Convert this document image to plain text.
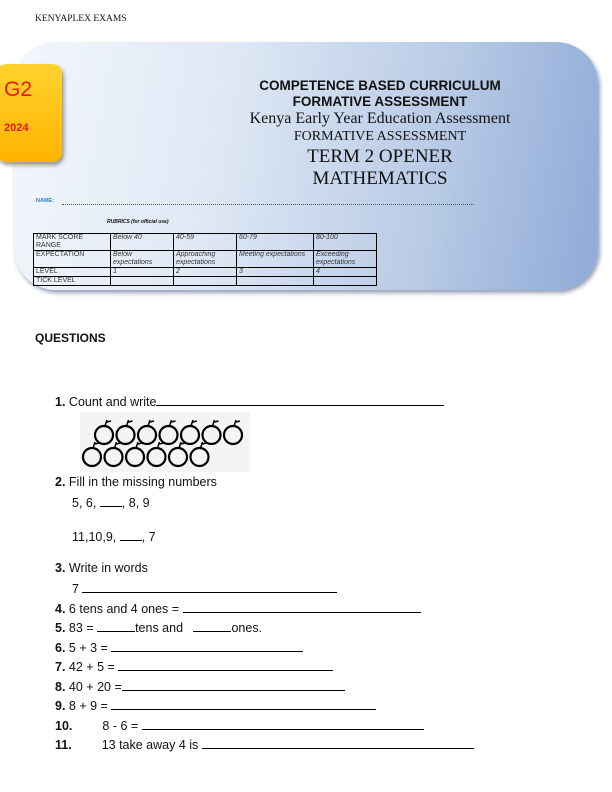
KENYAPLEX EXAMS
G2
2024
COMPETENCE BASED CURRICULUM
FORMATIVE ASSESSMENT
Kenya Early Year Education Assessment
FORMATIVE ASSESSMENT
TERM 2 OPENER
MATHEMATICS
NAME:
RUBRICS (for official use)
MARK SCORE RANGE	Below 40	40-59	60-79	80-100
EXPECTATION	Below expectations	Approaching expectations	Meeting expectations	Exceeding expectations
LEVEL	1	2	3	4
TICK LEVEL				
QUESTIONS
1. Count and write
2. Fill in the missing numbers
5, 6, , 8, 9
11,10,9, , 7
3. Write in words
7
4. 6 tens and 4 ones =
5. 83 =	tens and	ones.
6. 5 + 3 =
7. 42 + 5 =
8. 40 + 20 =
9. 8 + 9 =
10. 8 - 6 =
11. 13 take away 4 is
